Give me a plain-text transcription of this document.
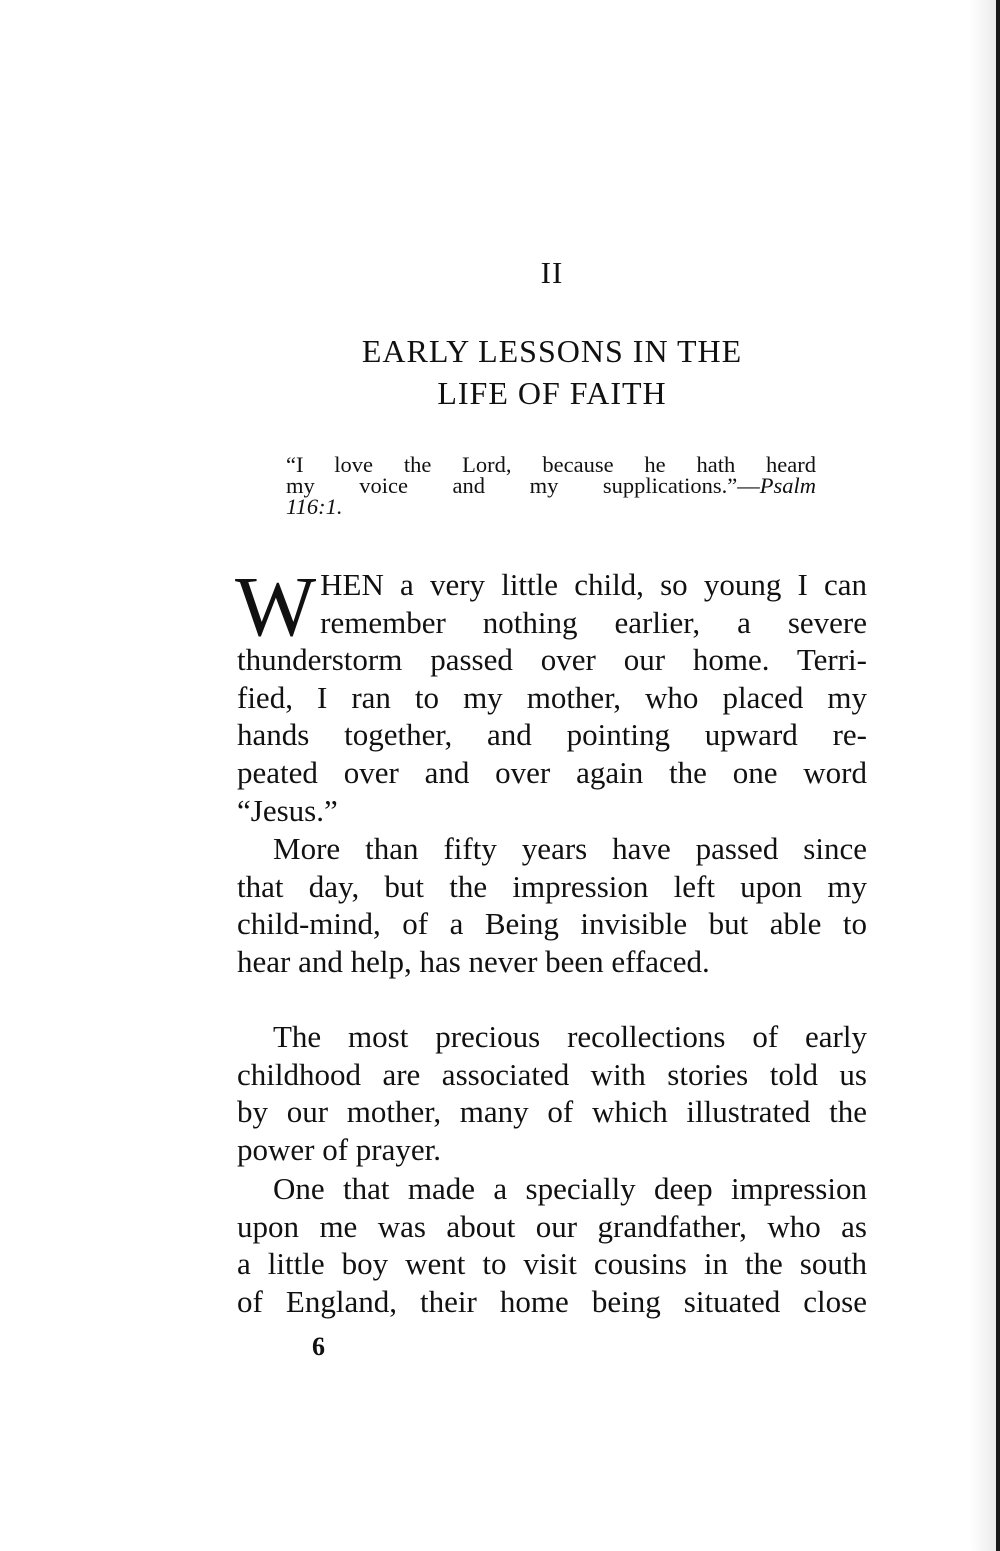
II
EARLY LESSONS IN THE
LIFE OF FAITH
“I love the Lord, because he hath heard
my voice and my supplications.”—Psalm
116:1.
W HEN a very little child, so young I can
remember nothing earlier, a severe
thunderstorm passed over our home. Terri-
fied, I ran to my mother, who placed my
hands together, and pointing upward re-
peated over and over again the one word
“Jesus.”
More than fifty years have passed since
that day, but the impression left upon my
child-mind, of a Being invisible but able to
hear and help, has never been effaced.
The most precious recollections of early
childhood are associated with stories told us
by our mother, many of which illustrated the
power of prayer.
One that made a specially deep impression
upon me was about our grandfather, who as
a little boy went to visit cousins in the south
of England, their home being situated close
6
